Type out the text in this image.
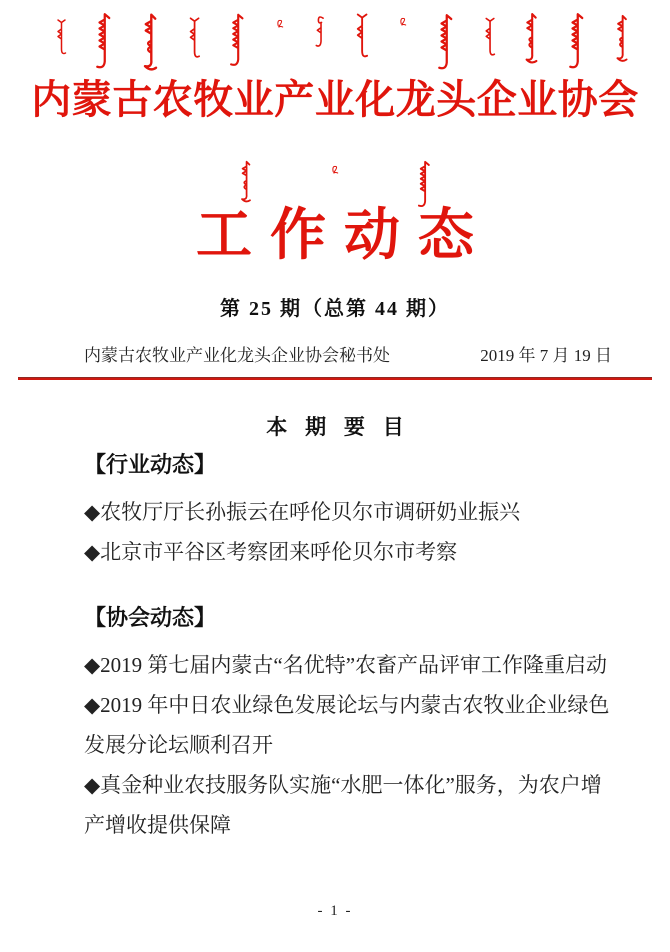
内蒙古农牧业产业化龙头企业协会
工作动态
第 25 期（总第 44 期）
内蒙古农牧业产业化龙头企业协会秘书处	2019 年 7 月 19 日
本 期 要 目
【行业动态】
◆农牧厅厅长孙振云在呼伦贝尔市调研奶业振兴
◆北京市平谷区考察团来呼伦贝尔市考察
【协会动态】
◆2019 第七届内蒙古“名优特”农畜产品评审工作隆重启动
◆2019 年中日农业绿色发展论坛与内蒙古农牧业企业绿色
发展分论坛顺利召开
◆真金种业农技服务队实施“水肥一体化”服务，为农户增
产增收提供保障
- 1 -
